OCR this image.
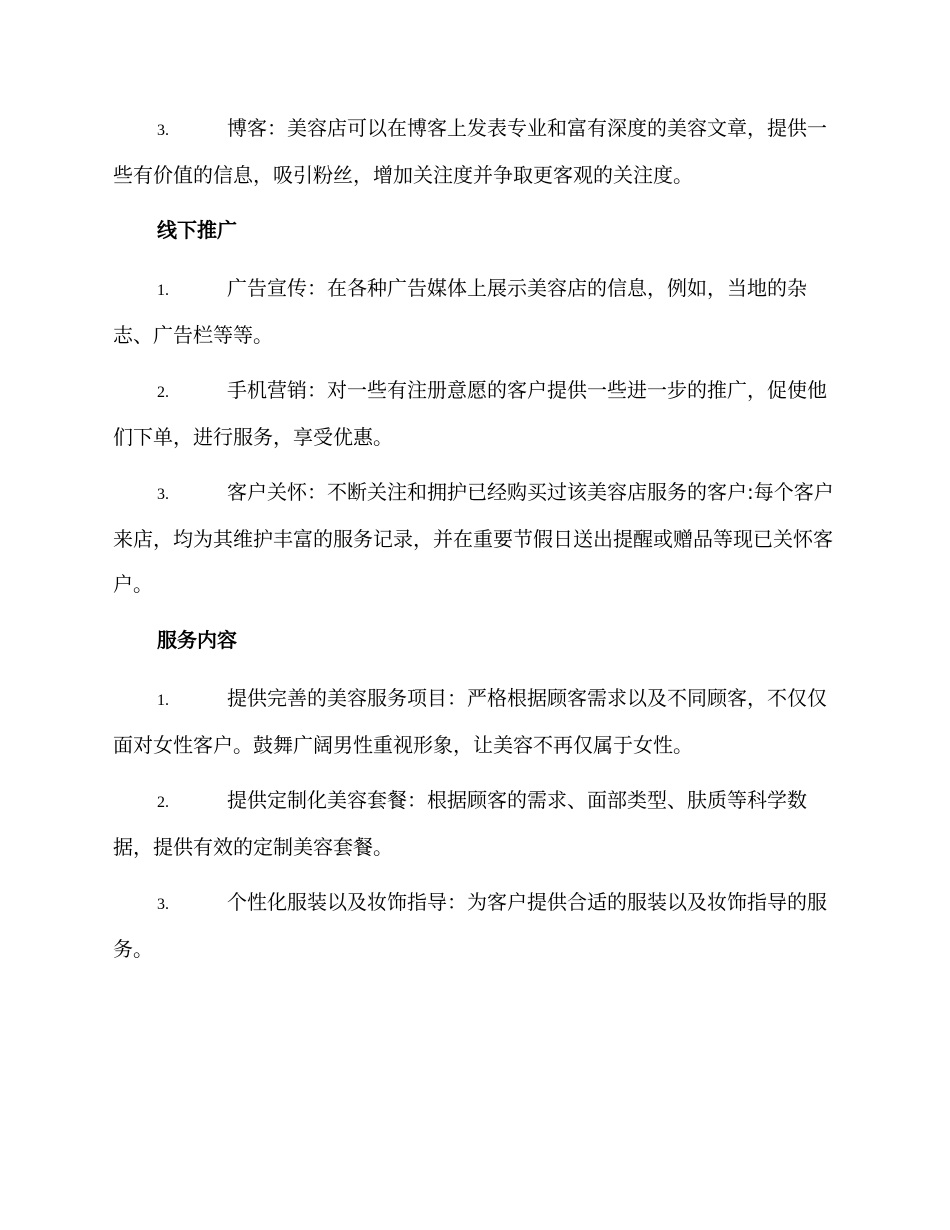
3.	博客：美容店可以在博客上发表专业和富有深度的美容文章，提供一些有价值的信息，吸引粉丝，增加关注度并争取更客观的关注度。

线下推广

1.	广告宣传：在各种广告媒体上展示美容店的信息，例如，当地的杂志、广告栏等等。

2.	手机营销：对一些有注册意愿的客户提供一些进一步的推广，促使他们下单，进行服务，享受优惠。

3.	客户关怀：不断关注和拥护已经购买过该美容店服务的客户:每个客户来店，均为其维护丰富的服务记录，并在重要节假日送出提醒或赠品等现已关怀客户。

服务内容

1.	提供完善的美容服务项目：严格根据顾客需求以及不同顾客，不仅仅面对女性客户。鼓舞广阔男性重视形象，让美容不再仅属于女性。

2.	提供定制化美容套餐：根据顾客的需求、面部类型、肤质等科学数据，提供有效的定制美容套餐。

3.	个性化服装以及妆饰指导：为客户提供合适的服装以及妆饰指导的服务。
